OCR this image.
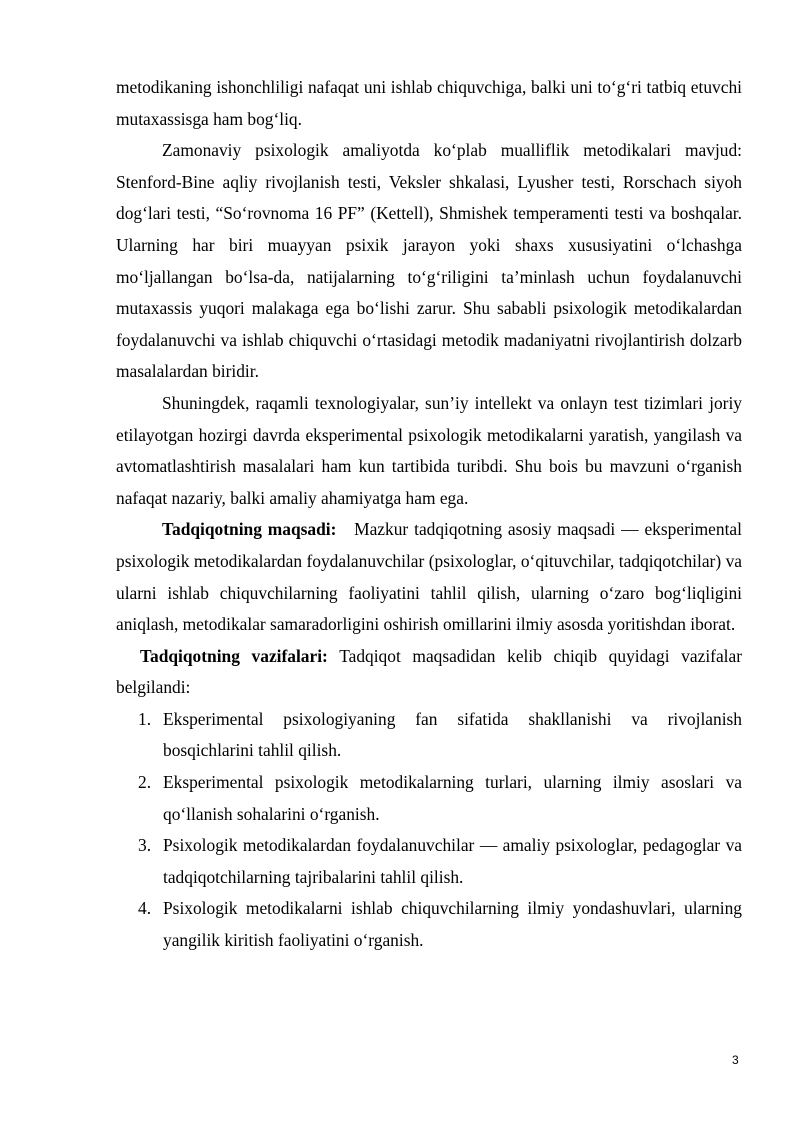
metodikaning ishonchliligi nafaqat uni ishlab chiquvchiga, balki uni to‘g‘ri tatbiq etuvchi mutaxassisga ham bog‘liq.

Zamonaviy psixologik amaliyotda ko‘plab mualliflik metodikalari mavjud: Stenford-Bine aqliy rivojlanish testi, Veksler shkalasi, Lyusher testi, Rorschach siyoh dog‘lari testi, “So‘rovnoma 16 PF” (Kettell), Shmishek temperamenti testi va boshqalar. Ularning har biri muayyan psixik jarayon yoki shaxs xususiyatini o‘lchashga mo‘ljallangan bo‘lsa-da, natijalarning to‘g‘riligini ta’minlash uchun foydalanuvchi mutaxassis yuqori malakaga ega bo‘lishi zarur. Shu sababli psixologik metodikalardan foydalanuvchi va ishlab chiquvchi o‘rtasidagi metodik madaniyatni rivojlantirish dolzarb masalalardan biridir.

Shuningdek, raqamli texnologiyalar, sun’iy intellekt va onlayn test tizimlari joriy etilayotgan hozirgi davrda eksperimental psixologik metodikalarni yaratish, yangilash va avtomatlashtirish masalalari ham kun tartibida turibdi. Shu bois bu mavzuni o‘rganish nafaqat nazariy, balki amaliy ahamiyatga ham ega.

Tadqiqotning maqsadi: Mazkur tadqiqotning asosiy maqsadi — eksperimental psixologik metodikalardan foydalanuvchilar (psixologlar, o‘qituvchilar, tadqiqotchilar) va ularni ishlab chiquvchilarning faoliyatini tahlil qilish, ularning o‘zaro bog‘liqligini aniqlash, metodikalar samaradorligini oshirish omillarini ilmiy asosda yoritishdan iborat.

Tadqiqotning vazifalari: Tadqiqot maqsadidan kelib chiqib quyidagi vazifalar belgilandi:

1. Eksperimental psixologiyaning fan sifatida shakllanishi va rivojlanish bosqichlarini tahlil qilish.
2. Eksperimental psixologik metodikalarning turlari, ularning ilmiy asoslari va qo‘llanish sohalarini o‘rganish.
3. Psixologik metodikalardan foydalanuvchilar — amaliy psixologlar, pedagoglar va tadqiqotchilarning tajribalarini tahlil qilish.
4. Psixologik metodikalarni ishlab chiquvchilarning ilmiy yondashuvlari, ularning yangilik kiritish faoliyatini o‘rganish.
3
